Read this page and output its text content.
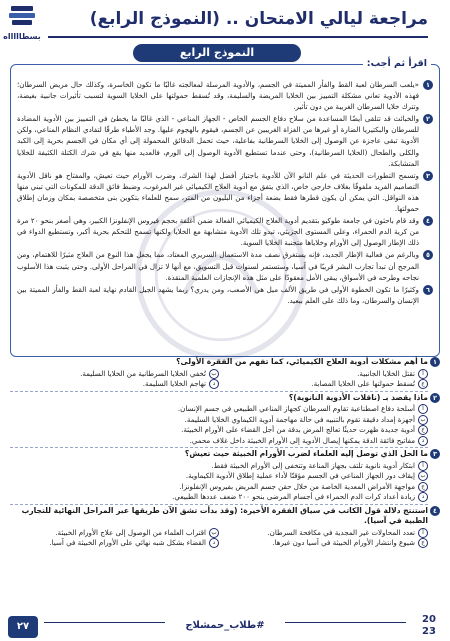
بسطاااااه
مراجعة ليالي الامتحان .. (النموذج الرابع)
النموذج الرابع
اقرأ ثم أجب:
١
«يلعب السرطان لعبة القط والفأر المميتة في الجسم، والأدوية المرسلة لمعالجته غالبًا ما تكون الخاسرة، وكذلك حال مريض السرطان؛ فهذه الأدوية تعاني مشكلة التمييز بين الخلايا المريضة والسليمة، وقد تُسقط حمولتها على الخلايا السوية لتسبب تأثيرات جانبية بغيضة، وتترك خلايا السرطان الغريبة من دون تأثير.
٢
والخبائث قد تتلقى أيضًا المساعدة من سلاح دفاع الجسم الخاص - الجهاز المناعي - الذي غالبًا ما يخطئ في التمييز بين الأدوية المضادة للسرطان والبكتيريا الضارة أو غيرها من الغزاة الغريبين عن الجسم، فيقوم بالهجوم عليها. وجد الأطباء طرقًا لتفادي النظام المناعي، ولكن الأدوية تبقى عاجزة عن الوصول إلى الخلايا السرطانية بفاعلية، حيث تحمل الدقائق المحمولة إلى أي مكان في الجسم بحرية إلى الكبد والكلى والطحال (الخلايا السرطانية)، وحتى عندما تستطيع الأدوية الوصول إلى الورم، فالعديد منها يقع في شرك الكتلة الكثيفة للخلايا المتشابكة.
٣
وتسمح التطورات الحديثة في علم النانو الآن للأدوية باجتياز أفضل لهذا الشرك، وضرب الأورام حيث تعيش، والمفتاح هو ناقل الأدوية التصاميم الفريد ملفوفًا بغلاف خارجي خاص، الذي يتفق مع أدوية العلاج الكيميائي غير المرغوب، وضبط فائق الدقة للمكونات التي تبني منها هذه النواقل. التي يمكن أن يكون قطرها فقط بضعة أجزاء من البليون من المتر، سمح للعلماء بتكوين بنى متخصصة بمكان وزمان إطلاق حمولتها.
٤
وقد قام باحثون في جامعة طوكيو بتقديم أدوية العلاج الكيميائي الفعالة ضمن أغلفة بحجم فيروس الإنفلونزا الكبير، وهي أصغر بنحو ٢٠ مرة من كرية الدم الحمراء، وعلى المستوى الجزيئي، تبدو تلك الأدوية متشابهة مع الخلايا ولكنها تسمح للتحكم بحرية أكبر، وتستطيع الدواء في ذلك الإطار الوصول إلى الأورام وخلاياها متجنبة الخلايا السوية.
٥
وبالرغم من فعالية الإطار الجديد، فإنه يستغرق نصف مدة الاستعمال السريري المعتاد، مما يجعل هذا النوع من العلاج مثيرًا للاهتمام، ومن المرجح أن تبدأ تجارب البشر قريبًا في آسيا، وستستمر لسنوات قبل التسويق، مع أنها لا تزال في المراحل الأولى. وحتى يثبت هذا الأسلوب نجاحه وطرحه في الأسواق، يبقى الأمل معقودًا على مثل هذه الإنجازات العلمية المنقذة.
٦
وكثيرًا ما تكون الخطوة الأولى في طريق الألف ميل هي الأصعب، ومن يدري؟ ربما يشهد الجيل القادم نهاية لعبة القط والفأر المميتة بين الإنسان والسرطان، وما ذلك على العلم ببعيد.
١
ما أهم مشكلات أدوية العلاج الكيميائي، كما تفهم من الفقرة الأولى؟
أ
تقتل الخلايا الجانبية.
ب
تُخفي الخلايا السرطانية من الخلايا السليمة.
ج
تُسقط حمولتها على الخلايا المصابة.
د
تهاجم الخلايا السليمة.
٢
ماذا يقصد بـ (ناقلات الأدوية النانوية)؟
أ
أسلحة دفاع اصطناعية تقاوم السرطان كجهاز المناعي الطبيعي في جسم الإنسان.
ب
أجهزة إمداد دقيقة تقوم بالتنبيه في حالة مهاجمة أدوية الكيماوي الخلايا السليمة.
ج
أدوية جديدة ظهرت حديثًا تعالج المرض بدقة من أجل القضاء على الأورام الخبيثة.
د
مفاتيح فائقة الدقة يمكنها إيصال الأدوية إلى الأورام الخبيثة داخل غلاف محمي.
٣
ما الحل الذي توصل إليه العلماء لضرب الأورام الخبيثة حيث تعيش؟
أ
ابتكار أدوية نانوية تلتف بجهاز المناعة وتتخفى إلى الأورام الخبيثة فقط.
ب
إيقاف دور الجهاز المناعي في الجسم مؤقتًا لأداء عملية إطلاق الأدوية الكيماوية.
ج
مواجهة الأمراض المعدية الخاصة من خلال حقن جسم المريض بفيروس الإنفلونزا.
د
زيادة أعداد كرات الدم الحمراء في أجسام المرضى بنحو ٢٠٠ ضعف عددها الطبيعي.
٤
استنتج دلالة قول الكاتب في سياق الفقرة الأخيرة: (وقد بدأت تشق الآن طريقها عبر المراحل النهائية للتجارب الطبية في آسيا).
أ
تعدد المحاولات غير المجدية في مكافحة السرطان.
ب
اقتراب العلماء من الوصول إلى علاج الأورام الخبيثة.
ج
شيوع وانتشار الأورام الخبيثة في آسيا دون غيرها.
د
القضاء بشكل شبه نهائي على الأورام الخبيثة في آسيا.
#طلاب_حمشلاج
٢٧
20
23
